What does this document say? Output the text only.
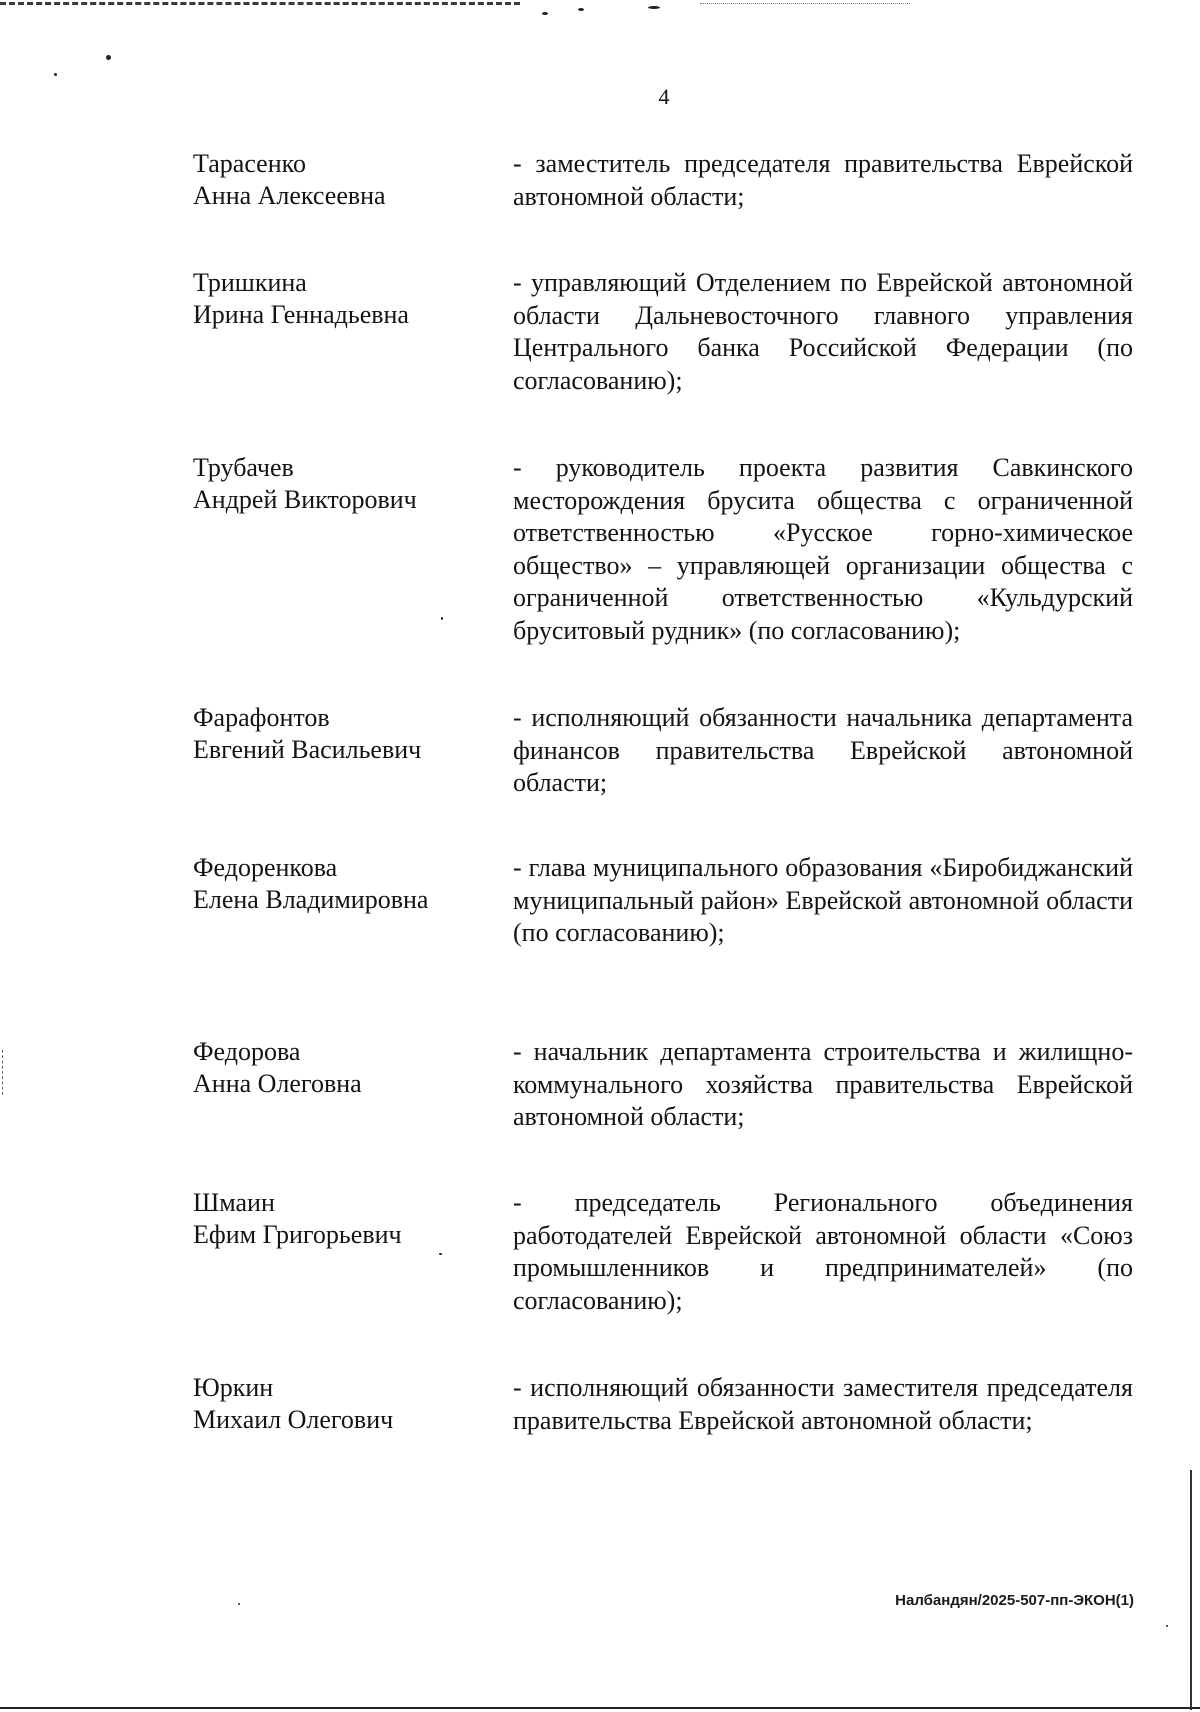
4
Тарасенко
Анна Алексеевна
- заместитель председателя правительства Еврейской автономной области;
Тришкина
Ирина Геннадьевна
- управляющий Отделением по Еврейской автономной области Дальневосточного главного управления Центрального банка Российской Федерации (по согласованию);
Трубачев
Андрей Викторович
- руководитель проекта развития Савкинского месторождения брусита общества с ограниченной ответственностью «Русское горно-химическое общество» – управляющей организации общества с ограниченной ответственностью «Кульдурский бруситовый рудник» (по согласованию);
Фарафонтов
Евгений Васильевич
- исполняющий обязанности начальника департамента финансов правительства Еврейской автономной области;
Федоренкова
Елена Владимировна
- глава муниципального образования «Биробиджанский муниципальный район» Еврейской автономной области (по согласованию);
Федорова
Анна Олеговна
- начальник департамента строительства и жилищно-коммунального хозяйства правительства Еврейской автономной области;
Шмаин
Ефим Григорьевич
- председатель Регионального объединения работодателей Еврейской автономной области «Союз промышленников и предпринимателей» (по согласованию);
Юркин
Михаил Олегович
- исполняющий обязанности заместителя председателя правительства Еврейской автономной области;
Налбандян/2025-507-пп-ЭКОН(1)
